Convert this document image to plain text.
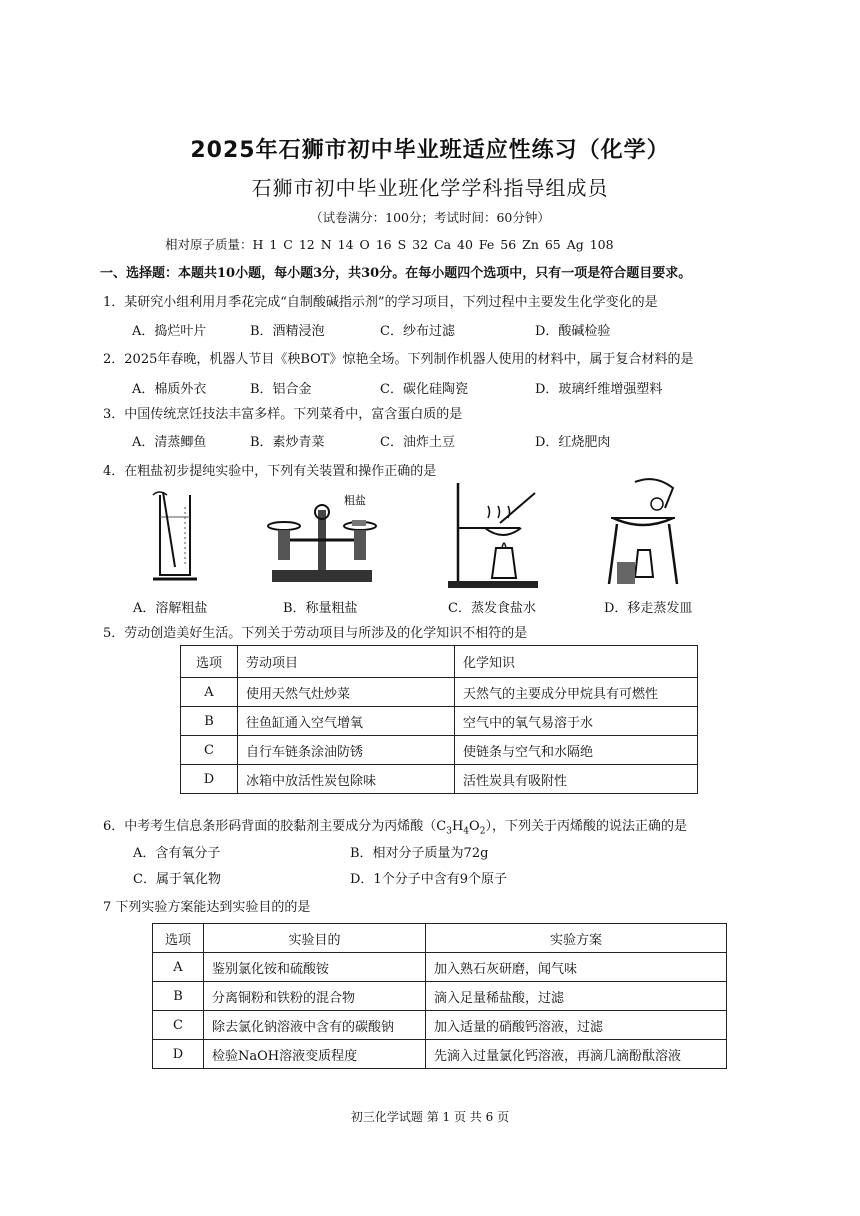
2025年石狮市初中毕业班适应性练习（化学）
石狮市初中毕业班化学学科指导组成员
（试卷满分：100分；考试时间：60分钟）
相对原子质量：H 1 C 12 N 14 O 16 S 32 Ca 40 Fe 56 Zn 65 Ag 108
一、选择题：本题共10小题，每小题3分，共30分。在每小题四个选项中，只有一项是符合题目要求。
1．某研究小组利用月季花完成“自制酸碱指示剂”的学习项目，下列过程中主要发生化学变化的是
A．捣烂叶片	B．酒精浸泡	C．纱布过滤	D．酸碱检验
2．2025年春晚，机器人节目《秧BOT》惊艳全场。下列制作机器人使用的材料中，属于复合材料的是
A．棉质外衣	B．铝合金	C．碳化硅陶瓷	D．玻璃纤维增强塑料
3．中国传统烹饪技法丰富多样。下列菜肴中，富含蛋白质的是
A．清蒸鲫鱼	B．素炒青菜	C．油炸土豆	D．红烧肥肉
4．在粗盐初步提纯实验中，下列有关装置和操作正确的是
粗盐
A．溶解粗盐	B．称量粗盐	C．蒸发食盐水	D．移走蒸发皿
5．劳动创造美好生活。下列关于劳动项目与所涉及的化学知识不相符的是
选项	劳动项目	化学知识
A	使用天然气灶炒菜	天然气的主要成分甲烷具有可燃性
B	往鱼缸通入空气增氧	空气中的氧气易溶于水
C	自行车链条涂油防锈	使链条与空气和水隔绝
D	冰箱中放活性炭包除味	活性炭具有吸附性
6．中考考生信息条形码背面的胶黏剂主要成分为丙烯酸$(C_3H_4O_2)$，下列关于丙烯酸的说法正确的是
A．含有氧分子	B．相对分子质量为72g
C．属于氧化物	D．1个分子中含有9个原子
7 下列实验方案能达到实验目的的是
选项	实验目的	实验方案
A	鉴别氯化铵和硫酸铵	加入熟石灰研磨，闻气味
B	分离铜粉和铁粉的混合物	滴入足量稀盐酸，过滤
C	除去氯化钠溶液中含有的碳酸钠	加入适量的硝酸钙溶液，过滤
D	检验NaOH溶液变质程度	先滴入过量氯化钙溶液，再滴几滴酚酞溶液
初三化学试题 第 1 页 共 6 页
